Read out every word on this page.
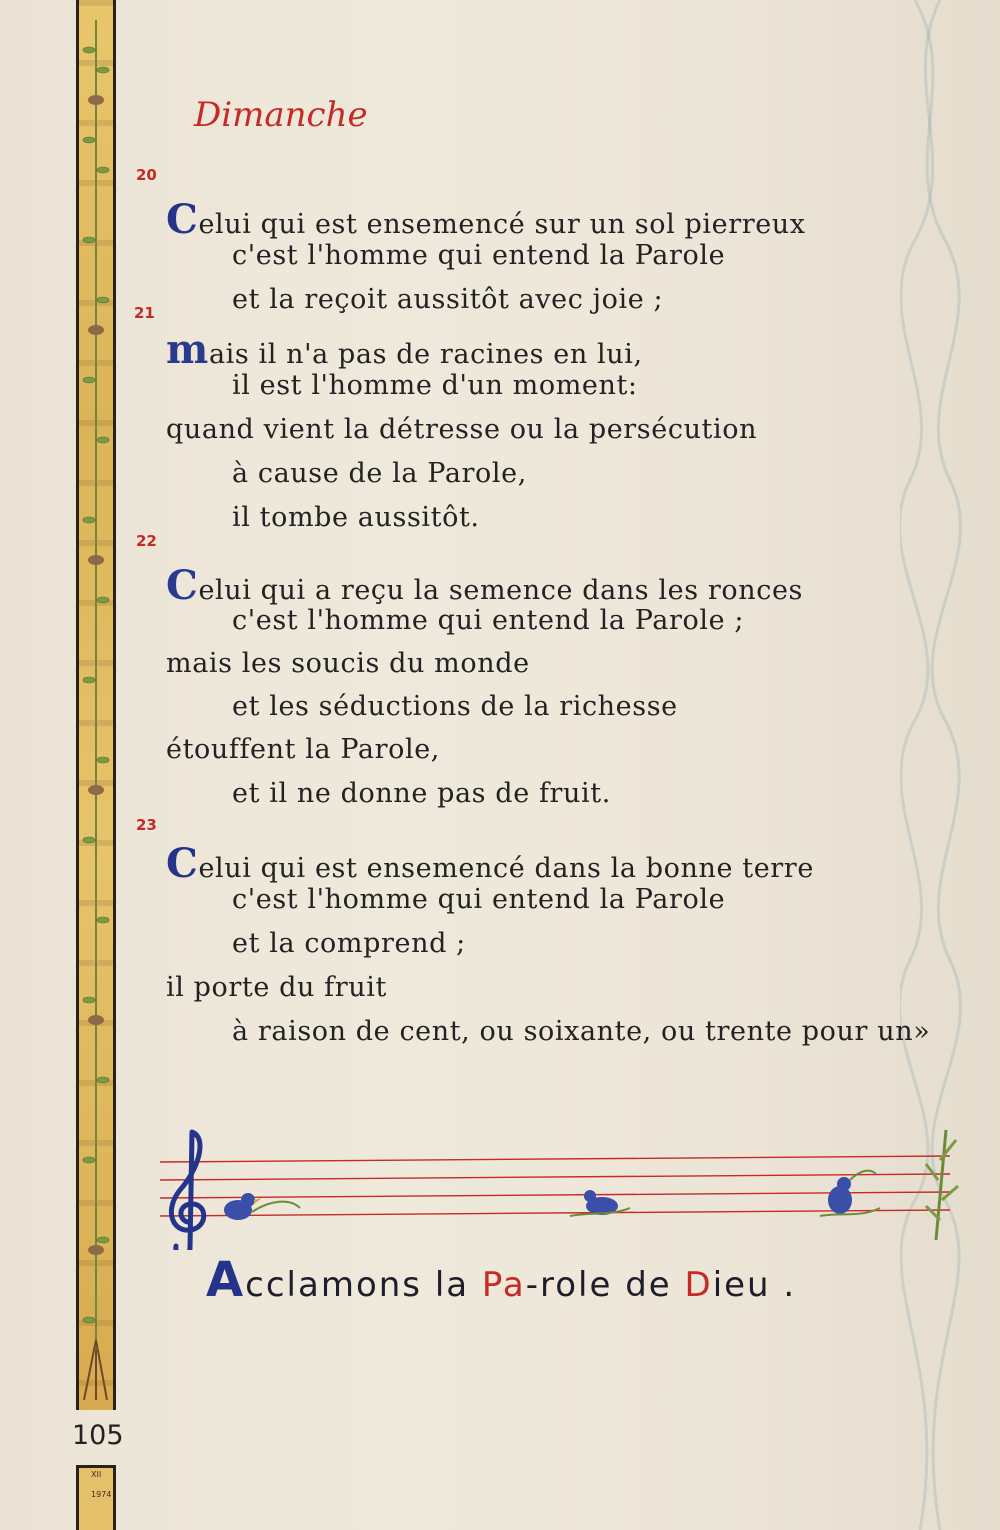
XII
1974
105
Dimanche
20
Celui qui est ensemencé sur un sol pierreux
c'est l'homme qui entend la Parole
et la reçoit aussitôt avec joie ;
21
mais il n'a pas de racines en lui,
il est l'homme d'un moment:
quand vient la détresse ou la persécution
à cause de la Parole,
il tombe aussitôt.
22
Celui qui a reçu la semence dans les ronces
c'est l'homme qui entend la Parole ;
mais les soucis du monde
et les séductions de la richesse
étouffent la Parole,
et il ne donne pas de fruit.
23
Celui qui est ensemencé dans la bonne terre
c'est l'homme qui entend la Parole
et la comprend ;
il porte du fruit
à raison de cent, ou soixante, ou trente pour un»
Acclamons la Pa-role de Dieu .
